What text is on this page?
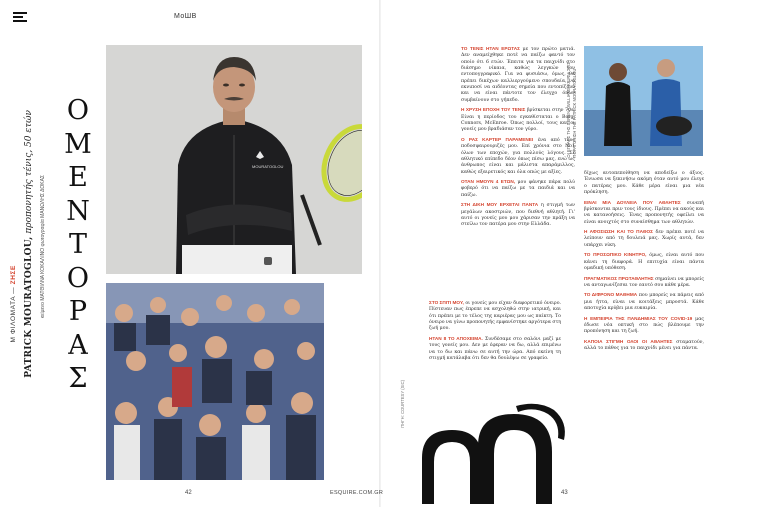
MоШВ
Μ ΦΙΛΟΜΑΤΑ — ΖΗΣΕ PATRICK MOURATOGLOU, προπονητής τένις, 50 ετών
κείμενο ΜΑΤΘΙΛΝΑ ΚΟΚΑΛΙΝΟ φωτογραφία ΜΑΝΩΛΗΣ ΔΟΚΑΣ
Ο
Μ
Ε
Ν
Τ
Ο
Ρ
Α
Σ
MOURATOGLOU
ΟΙ ΕΠΤΑΡΣ ΤΗΣ SERENA WILLIAMS ΚΡΥΦΑ ΣΤΙΣ
ΠΟΡΑΓΟΝΙΣΗ ΤΗΣ PATRICK MOURATOGLOU
ΠΗΓΗ: COURTESY (SIC)

ΤΟ ΤΕΝΙΣ ΗΤΑΝ ΕΡΩΤΑΣ με τον πρώτο ματιά. Δεν αναμείχθηκε ποτέ να παίζω φαντό τον οποίο ότι 6 ετών. Έπειτα για τα παιχνίδι στο διάσημο νίκαια, καθώς λεγγκών τον εντοπογγραφικό. Για να φυσιάσω, όμως, θα πρέπει δικέχων καλλιεργούμενο σπουδαία, να εκνιποσί να αιδέοντας σημεία που εντοπίζουν και να είναι πάντοτε τον έλεγχο όπων συμβαίνουν στο γήπεδο.

Η ΧΡΥΣΗ ΕΠΟΧΗ ΤΟΥ ΤΕΝΙΣ βρίσκεται στην 70s. Είναι η περίοδος του εγκαθίσταται ο Borg, Connors, McEnroe. Όπως πολλοί, τους και οι γονείς μου βραδιάσαν τον γύρο.

Ο ΡΑΣ ΚΑΡΤΕΡ ΠΑΡΑΜΕΝΕΙ ένα από τους ποδοσφαιρουριζές μου. Επί χρόνια στο No1 όλων των εποχών, για πολλούς λόγους. Σε αθλητικό επίπεδο δέον όπως πίσω μας, ενώ ως άνθρωπος είναι και μάλιστα απαράμιλλος, καθώς εξαιρετικός και όλα οπώς με αξίες.

ΟΤΑΝ ΗΜΟΥΝ 4 ΕΤΩΝ, μου φάνηκε πάρα πολύ φοβερό ότι να παίζω με τα παιδιά και να παίζω.

ΣΤΗ ΔΙΚΗ ΜΟΥ ΕΡΧΕΤΑΙ ΠΑΝΤΑ η στιγμή των μεγάλων ακοστριών, που διεθνή αθλητή. Γι' αυτό οι γονείς μου μου χάρισαν την πράξη να στείλω τον πατέρα μου στην Ελλάδα.

ΣΤΟ ΣΠΙΤΙ ΜΟΥ, οι γονείς μου είχαν διαφορετικό όνειρο. Πίστευαν πως έπρεπε να ασχοληθώ στην ιατρική, και ότι πρέπει με το τέλος της καριέρας μου ως παίκτη. Το όνειρο να γίνω προπονητής εμφανίστηκε αργότερα στη ζωή μου.

ΗΤΑΝ 8 ΤΟ ΑΠΟΧΕΙΜΑ. Συνδέσαμε στο σαλόνι μαζί με τους γονείς μου. Δεν με έφεραν να δω, αλλά επιμένω να το δω και πάνω σε αυτή την ώρα. Από εκείνη τη στιγμή κατάλαβα ότι δεν θα δουλέψω σε γραφείο.

δίχως αυτοπεποίθηση να αποδείξω ο άξιος. Ένιωσα να ξεκινήσω ακόμη όταν αυτό μου έλεγε ο πατέρας μου. Κάθε μέρα είναι μια νέα πρόκληση.

ΕΙΝΑΙ ΜΙΑ ΔΟΥΛΕΙΑ ΠΟΥ ΑΘΛΗΤΕΣ συνεπή βρίσκονται πριν τους ίδιους. Πρέπει να ακούς και να κατανοήσεις. Ένας προπονητής οφείλει να είναι ανοιχτός στο συναίσθημα των αθλητών.

Η ΑΦΟΣΙΩΣΗ ΚΑΙ ΤΟ ΠΑΘΟΣ δεν πρέπει ποτέ να λείπουν από τη δουλειά μας. Χωρίς αυτά, δεν υπάρχει νίκη.

ΤΟ ΠΡΟΣΩΠΙΚΟ ΚΙΝΗΤΡΟ, όμως, είναι αυτό που κάνει τη διαφορά. Η επιτυχία είναι πάντα ομαδική υπόθεση.

ΠΡΑΓΜΑΤΙΚΟΣ ΠΡΩΤΑΘΛΗΤΗΣ σημαίνει να μπορείς να ανταγωνίζεσαι τον εαυτό σου κάθε μέρα.

ΤΟ ΔΙΦΡΟΝΟ ΜΑΘΗΜΑ που μπορείς να πάρεις από μια ήττα, είναι να κοιτάξεις μπροστά. Κάθε αποτυχία κρύβει μια ευκαιρία.

Η ΕΜΠΕΙΡΙΑ ΤΗΣ ΠΑΝΔΗΜΙΑΣ ΤΟΥ COVID-19 μας έδωσε νέα οπτική στο πώς βλέπουμε την προπόνηση και τη ζωή.

ΚΑΠΟΙΑ ΣΤΙΓΜΗ ΟΛΟΙ ΟΙ ΑΘΛΗΤΕΣ σταματούν, αλλά το πάθος για το παιχνίδι μένει για πάντα.

42	ESQUIRE.COM.GR	43
